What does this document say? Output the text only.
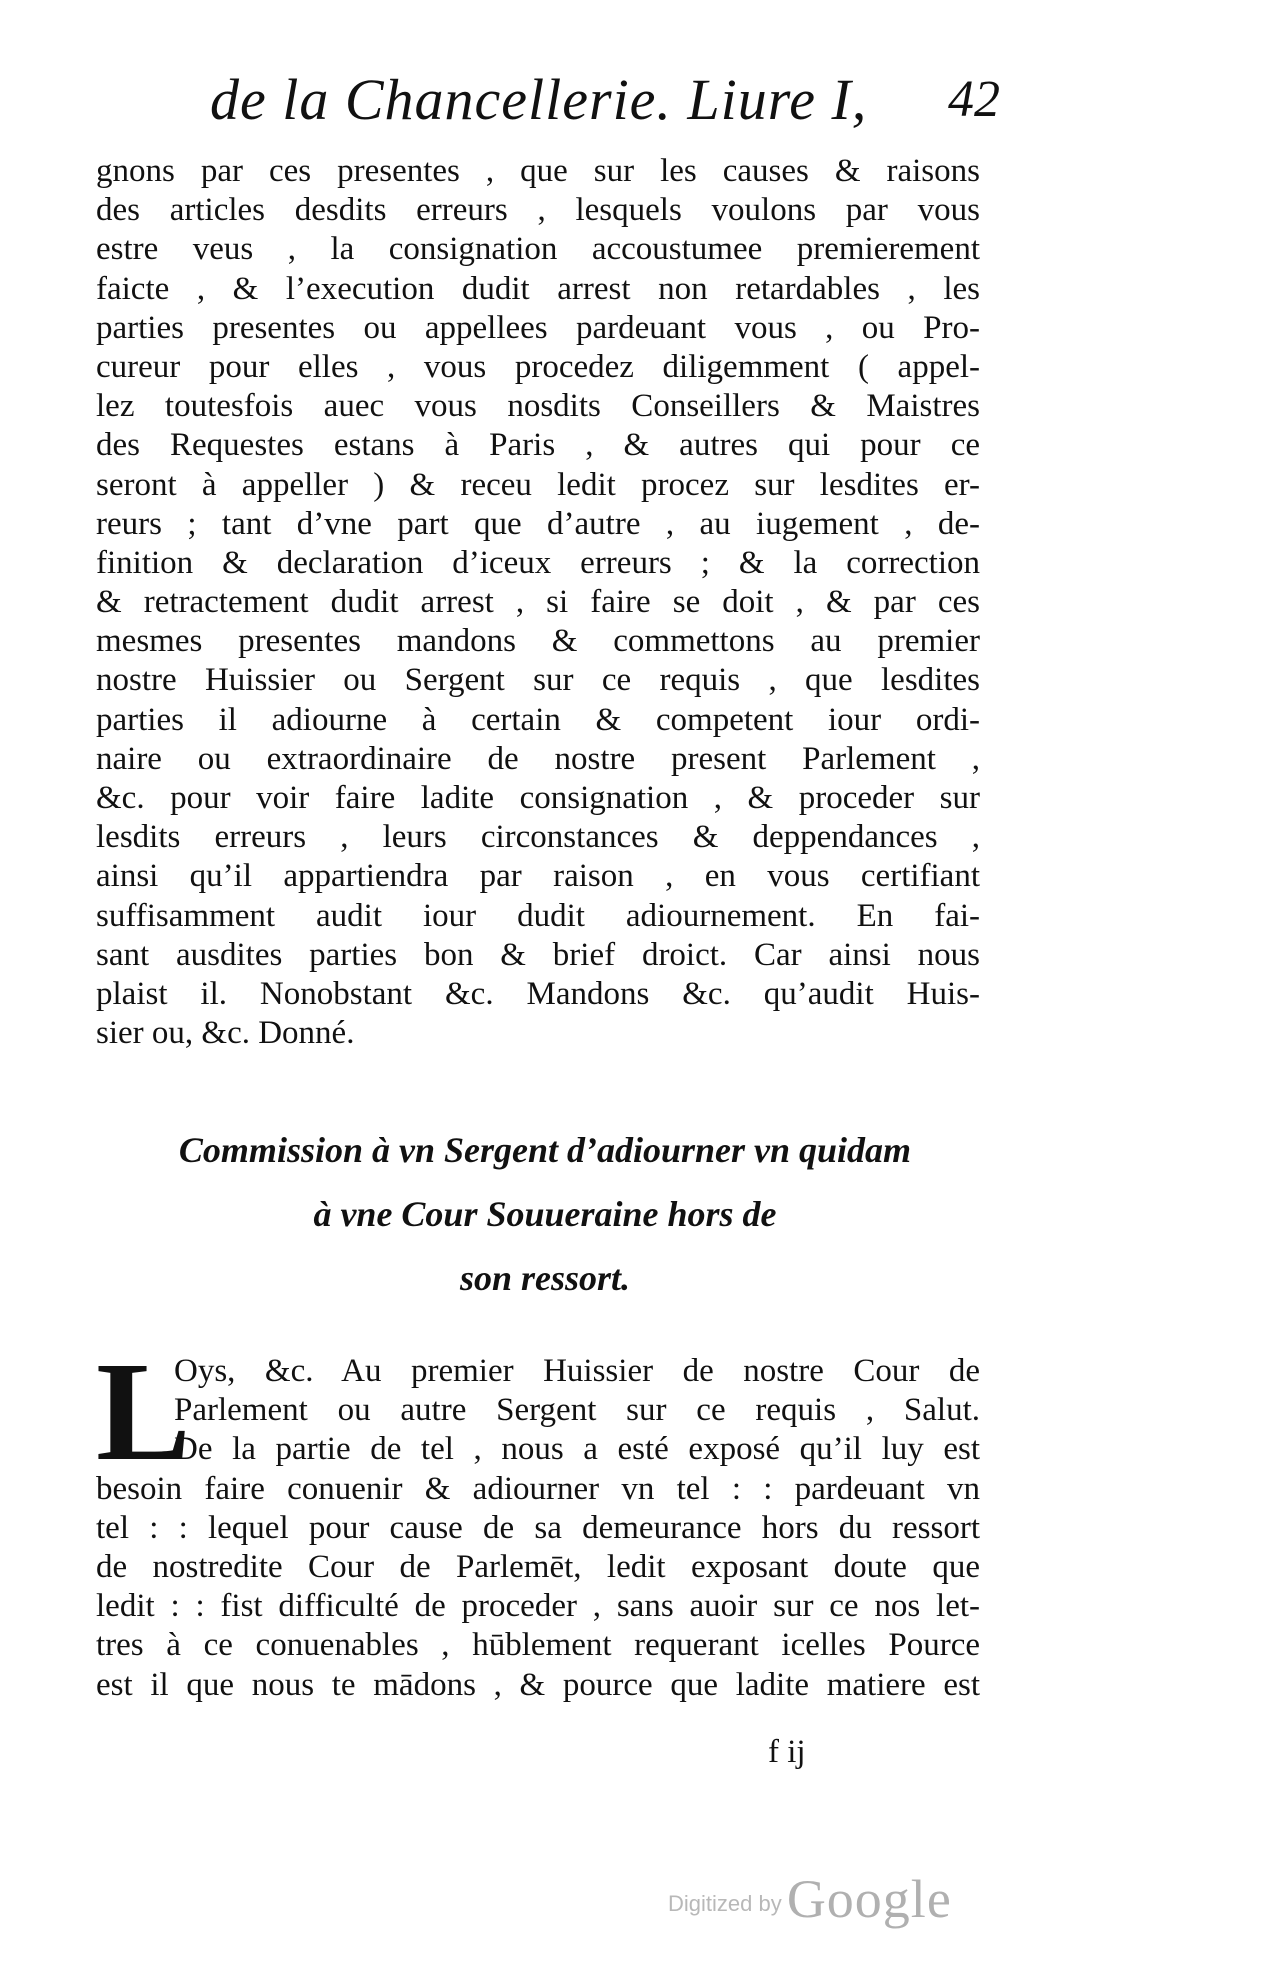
de la Chancellerie. Liure I, 42
gnons par ces presentes , que sur les causes & raisons
des articles desdits erreurs , lesquels voulons par vous
estre veus , la consignation accoustumee premierement
faicte , & l’execution dudit arrest non retardables , les
parties presentes ou appellees pardeuant vous , ou Pro-
cureur pour elles , vous procedez diligemment ( appel-
lez toutesfois auec vous nosdits Conseillers & Maistres
des Requestes estans à Paris , & autres qui pour ce
seront à appeller ) & receu ledit procez sur lesdites er-
reurs ; tant d’vne part que d’autre , au iugement , de-
finition & declaration d’iceux erreurs ; & la correction
& retractement dudit arrest , si faire se doit , & par ces
mesmes presentes mandons & commettons au premier
nostre Huissier ou Sergent sur ce requis , que lesdites
parties il adiourne à certain & competent iour ordi-
naire ou extraordinaire de nostre present Parlement ,
&c. pour voir faire ladite consignation , & proceder sur
lesdits erreurs , leurs circonstances & deppendances ,
ainsi qu’il appartiendra par raison , en vous certifiant
suffisamment audit iour dudit adiournement. En fai-
sant ausdites parties bon & brief droict. Car ainsi nous
plaist il. Nonobstant &c. Mandons &c. qu’audit Huis-
sier ou, &c. Donné.
Commission à vn Sergent d’adiourner vn quidam
à vne Cour Souueraine hors de
son ressort.
L
Oys, &c. Au premier Huissier de nostre Cour de
Parlement ou autre Sergent sur ce requis , Salut.
De la partie de tel , nous a esté exposé qu’il luy est
besoin faire conuenir & adiourner vn tel : : pardeuant vn
tel : : lequel pour cause de sa demeurance hors du ressort
de nostredite Cour de Parlemēt, ledit exposant doute que
ledit : : fist difficulté de proceder , sans auoir sur ce nos let-
tres à ce conuenables , hūblement requerant icelles Pource
est il que nous te mādons , & pource que ladite matiere est
f ij
Digitized by Google
